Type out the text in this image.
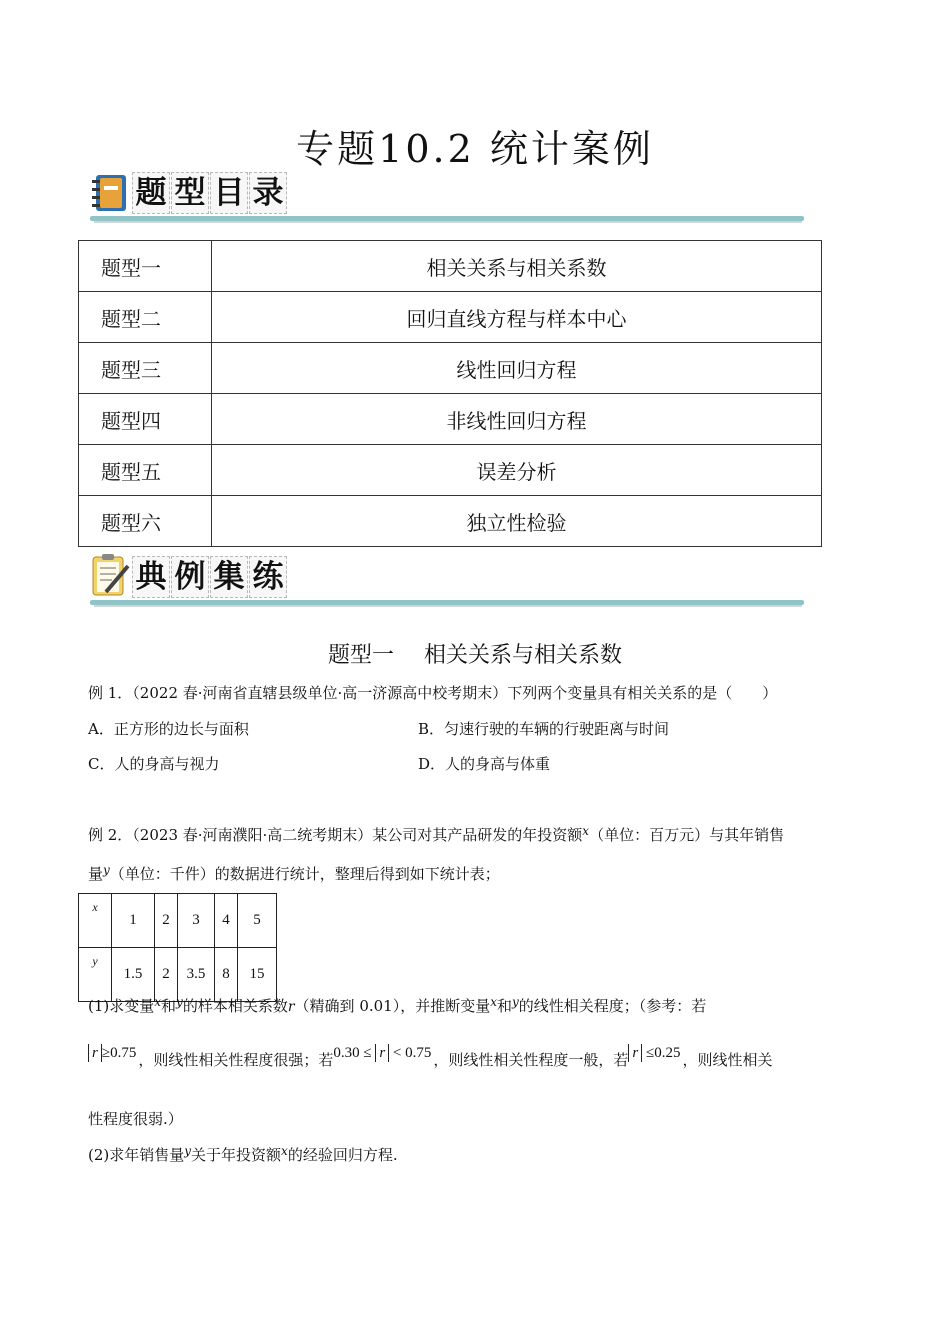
专题10.2 统计案例
题 型 目 录
题型一	相关关系与相关系数
题型二	回归直线方程与样本中心
题型三	线性回归方程
题型四	非线性回归方程
题型五	误差分析
题型六	独立性检验
典 例 集 练
题型一 相关关系与相关系数
例 1．（2022 春·河南省直辖县级单位·高一济源高中校考期末）下列两个变量具有相关关系的是（　　）
A．正方形的边长与面积	B．匀速行驶的车辆的行驶距离与时间
C．人的身高与视力	D．人的身高与体重
例 2．（2023 春·河南濮阳·高二统考期末）某公司对其产品研发的年投资额$^x$（单位：百万元）与其年销售
量$^y$（单位：千件）的数据进行统计，整理后得到如下统计表；
x	1	2	3	4	5
y	1.5	2	3.5	8	15
(1)求变量$^x$和$^y$的样本相关系数r（精确到 0.01），并推断变量$^x$和$^y$的线性相关程度；（参考：若
r ≥0.75 ，则线性相关性程度很强；若0.30 ≤ r < 0.75 ，则线性相关性程度一般，若 r ≤0.25 ，则线性相关
性程度很弱.）
(2)求年销售量$^y$关于年投资额$^x$的经验回归方程.
